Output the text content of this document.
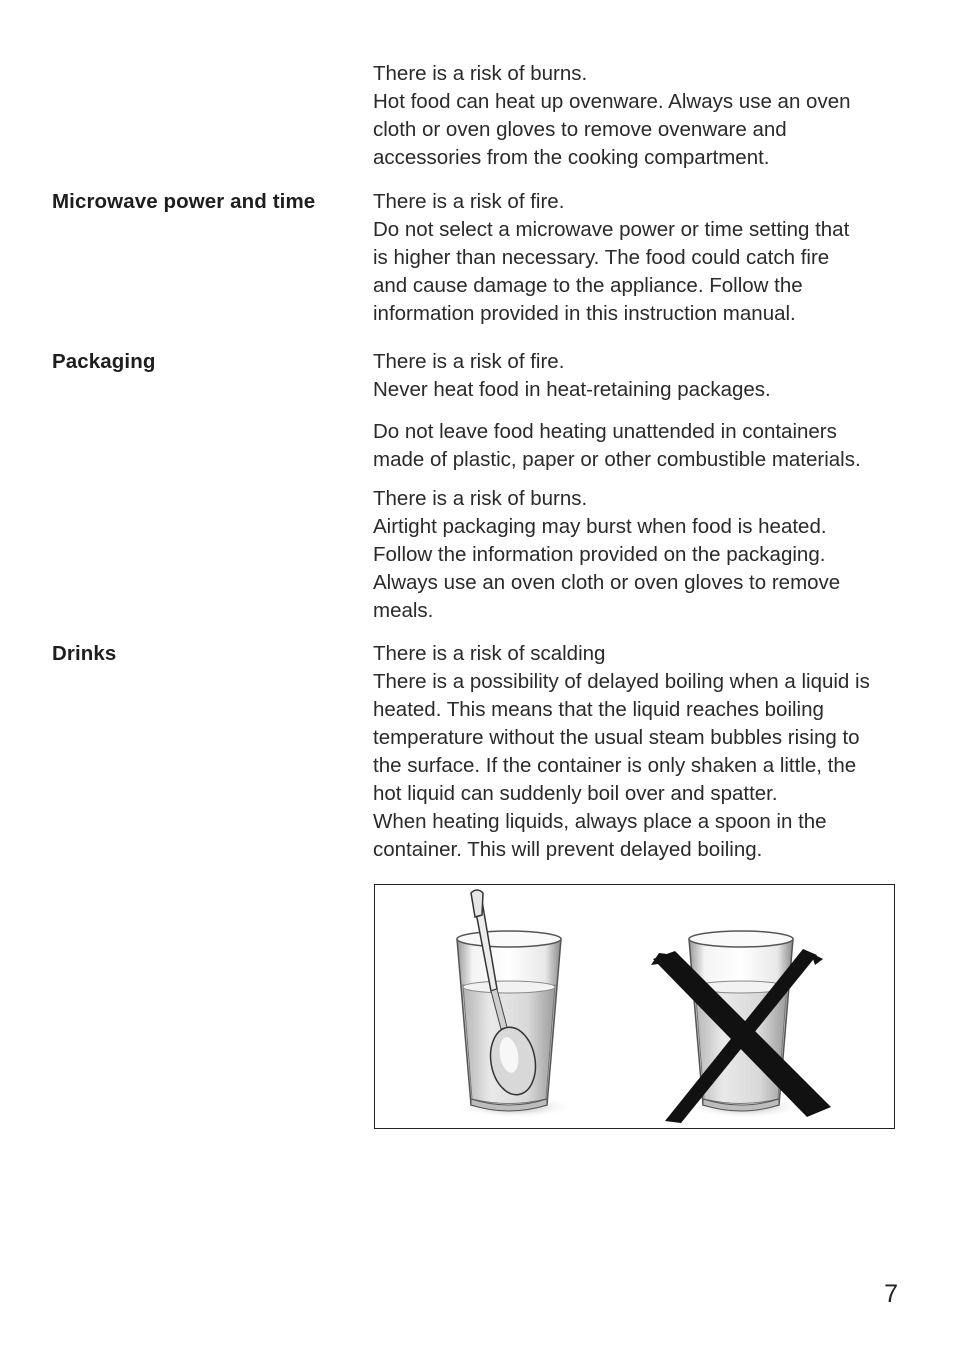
There is a risk of burns.
Hot food can heat up ovenware. Always use an oven
cloth or oven gloves to remove ovenware and
accessories from the cooking compartment.
Microwave power and time	There is a risk of fire.
Do not select a microwave power or time setting that
is higher than necessary. The food could catch fire
and cause damage to the appliance. Follow the
information provided in this instruction manual.
Packaging	There is a risk of fire.
Never heat food in heat-retaining packages.
Do not leave food heating unattended in containers
made of plastic, paper or other combustible materials.
There is a risk of burns.
Airtight packaging may burst when food is heated.
Follow the information provided on the packaging.
Always use an oven cloth or oven gloves to remove
meals.
Drinks	There is a risk of scalding
There is a possibility of delayed boiling when a liquid is
heated. This means that the liquid reaches boiling
temperature without the usual steam bubbles rising to
the surface. If the container is only shaken a little, the
hot liquid can suddenly boil over and spatter.
When heating liquids, always place a spoon in the
container. This will prevent delayed boiling.
7
